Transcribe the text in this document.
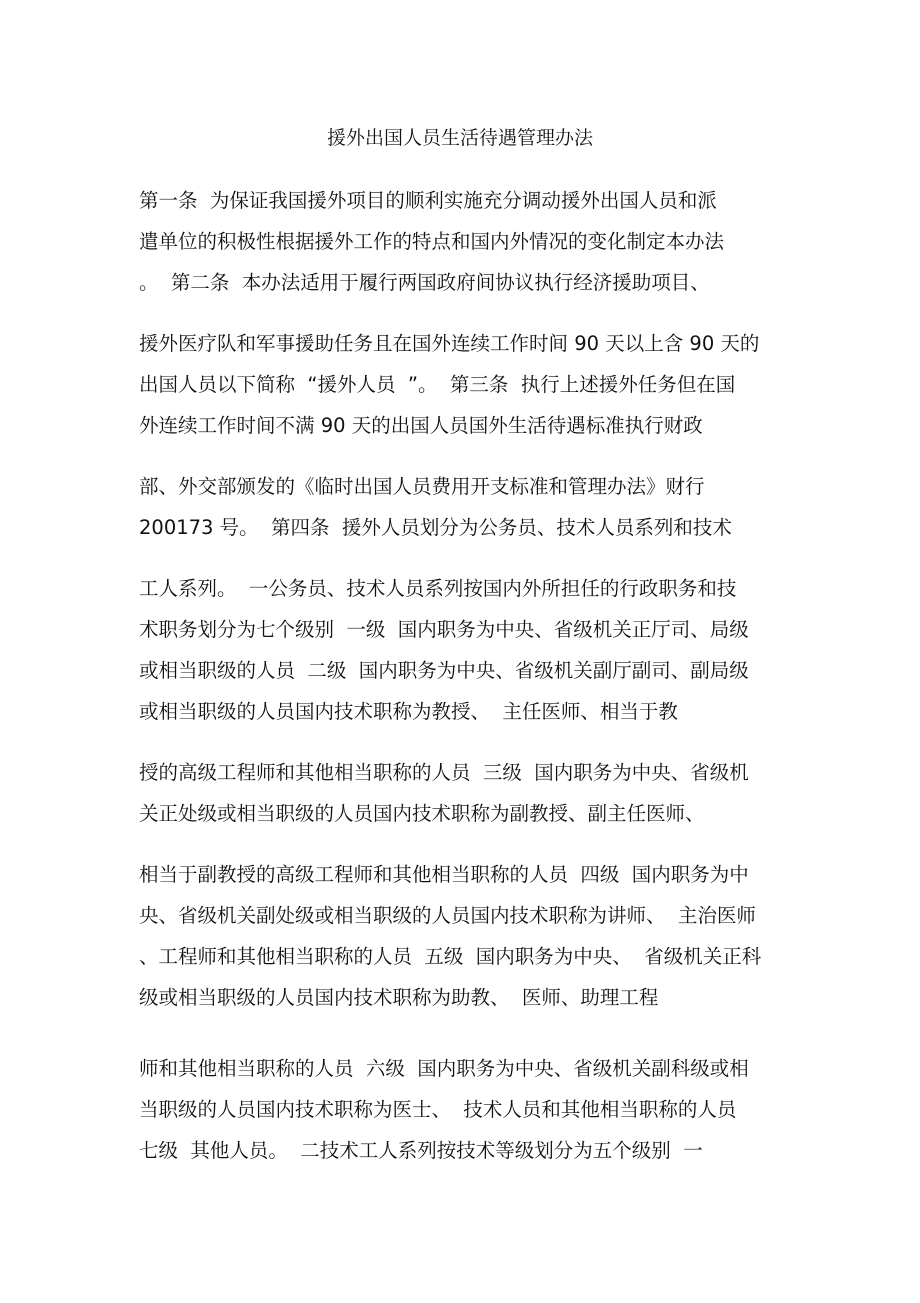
援外出国人员生活待遇管理办法
第一条  为保证我国援外项目的顺利实施充分调动援外出国人员和派
遣单位的积极性根据援外工作的特点和国内外情况的变化制定本办法
。  第二条  本办法适用于履行两国政府间协议执行经济援助项目、
援外医疗队和军事援助任务且在国外连续工作时间 90 天以上含 90 天的
出国人员以下简称  “援外人员  ”。  第三条  执行上述援外任务但在国
外连续工作时间不满 90 天的出国人员国外生活待遇标准执行财政
部、外交部颁发的《临时出国人员费用开支标准和管理办法》财行
200173 号。  第四条  援外人员划分为公务员、技术人员系列和技术
工人系列。  一公务员、技术人员系列按国内外所担任的行政职务和技
术职务划分为七个级别  一级  国内职务为中央、省级机关正厅司、局级
或相当职级的人员  二级  国内职务为中央、省级机关副厅副司、副局级
或相当职级的人员国内技术职称为教授、  主任医师、相当于教
授的高级工程师和其他相当职称的人员  三级  国内职务为中央、省级机
关正处级或相当职级的人员国内技术职称为副教授、副主任医师、
相当于副教授的高级工程师和其他相当职称的人员  四级  国内职务为中
央、省级机关副处级或相当职级的人员国内技术职称为讲师、  主治医师
、工程师和其他相当职称的人员  五级  国内职务为中央、  省级机关正科
级或相当职级的人员国内技术职称为助教、  医师、助理工程
师和其他相当职称的人员  六级  国内职务为中央、省级机关副科级或相
当职级的人员国内技术职称为医士、  技术人员和其他相当职称的人员
七级  其他人员。  二技术工人系列按技术等级划分为五个级别  一
